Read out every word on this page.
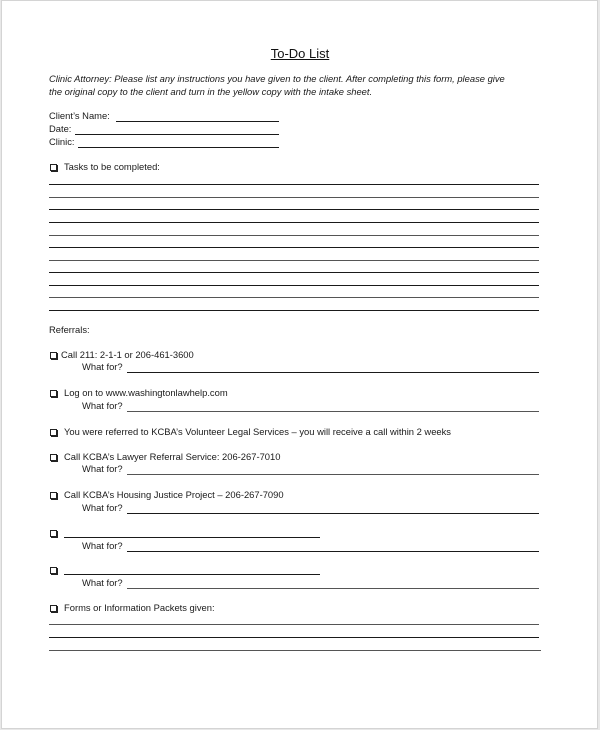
To-Do List
Clinic Attorney: Please list any instructions you have given to the client. After completing this form, please give
the original copy to the client and turn in the yellow copy with the intake sheet.
Client’s Name:
Date:
Clinic:
Tasks to be completed:
Referrals:
Call 211: 2-1-1 or 206-461-3600
What for?
Log on to www.washingtonlawhelp.com
What for?
You were referred to KCBA’s Volunteer Legal Services – you will receive a call within 2 weeks
Call KCBA’s Lawyer Referral Service: 206-267-7010
What for?
Call KCBA’s Housing Justice Project – 206-267-7090
What for?
What for?
What for?
Forms or Information Packets given:
